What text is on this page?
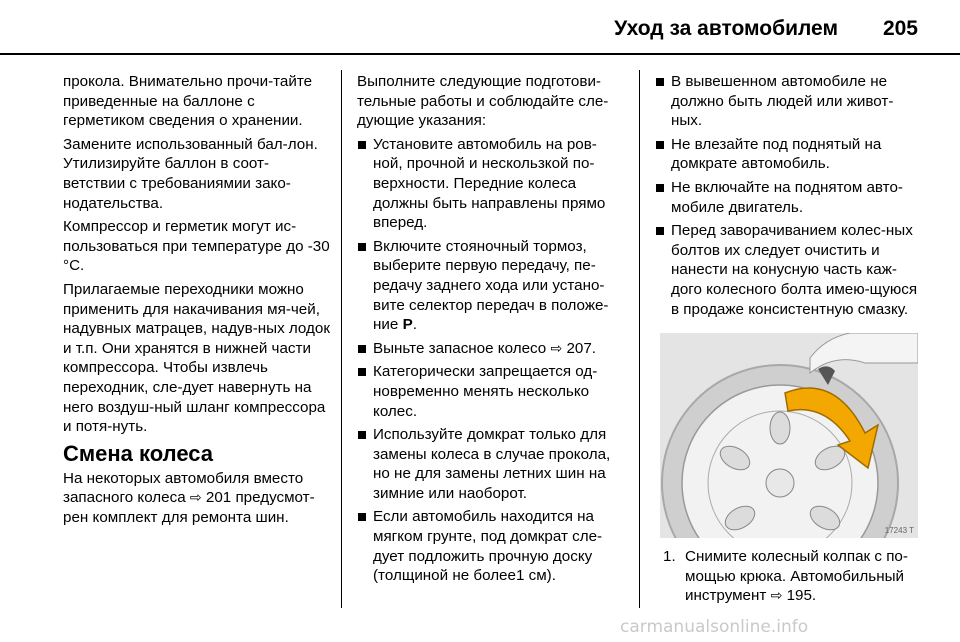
Уход за автомобилем 205

прокола. Внимательно прочи-тайте приведенные на баллоне с герметиком сведения о хранении.

Замените использованный бал-лон. Утилизируйте баллон в соот-ветствии с требованиямии зако-нодательства.

Компрессор и герметик могут ис-пользоваться при температуре до -30 °C.

Прилагаемые переходники можно применить для накачивания мя-чей, надувных матрацев, надув-ных лодок и т.п. Они хранятся в нижней части компрессора. Чтобы извлечь переходник, сле-дует навернуть на него воздуш-ный шланг компрессора и потя-нуть.

Смена колеса

На некоторых автомобиля вместо запасного колеса ⇨ 201 предусмот-рен комплект для ремонта шин.

Выполните следующие подготови-тельные работы и соблюдайте сле-дующие указания:

Установите автомобиль на ров-ной, прочной и нескользкой по-верхности. Передние колеса должны быть направлены прямо вперед.
Включите стояночный тормоз, выберите первую передачу, пе-редачу заднего хода или устано-вите селектор передач в положе-ние P.
Выньте запасное колесо ⇨ 207.
Категорически запрещается од-новременно менять несколько колес.
Используйте домкрат только для замены колеса в случае прокола, но не для замены летних шин на зимние или наоборот.
Если автомобиль находится на мягком грунте, под домкрат сле-дует подложить прочную доску (толщиной не более1 см).
В вывешенном автомобиле не должно быть людей или живот-ных.
Не влезайте под поднятый на домкрате автомобиль.
Не включайте на поднятом авто-мобиле двигатель.
Перед заворачиванием колес-ных болтов их следует очистить и нанести на конусную часть каж-дого колесного болта имею-щуюся в продаже консистентную смазку.
17243 T
1. Снимите колесный колпак с по-мощью крюка. Автомобильный инструмент ⇨ 195.
carmanualsonline.info
